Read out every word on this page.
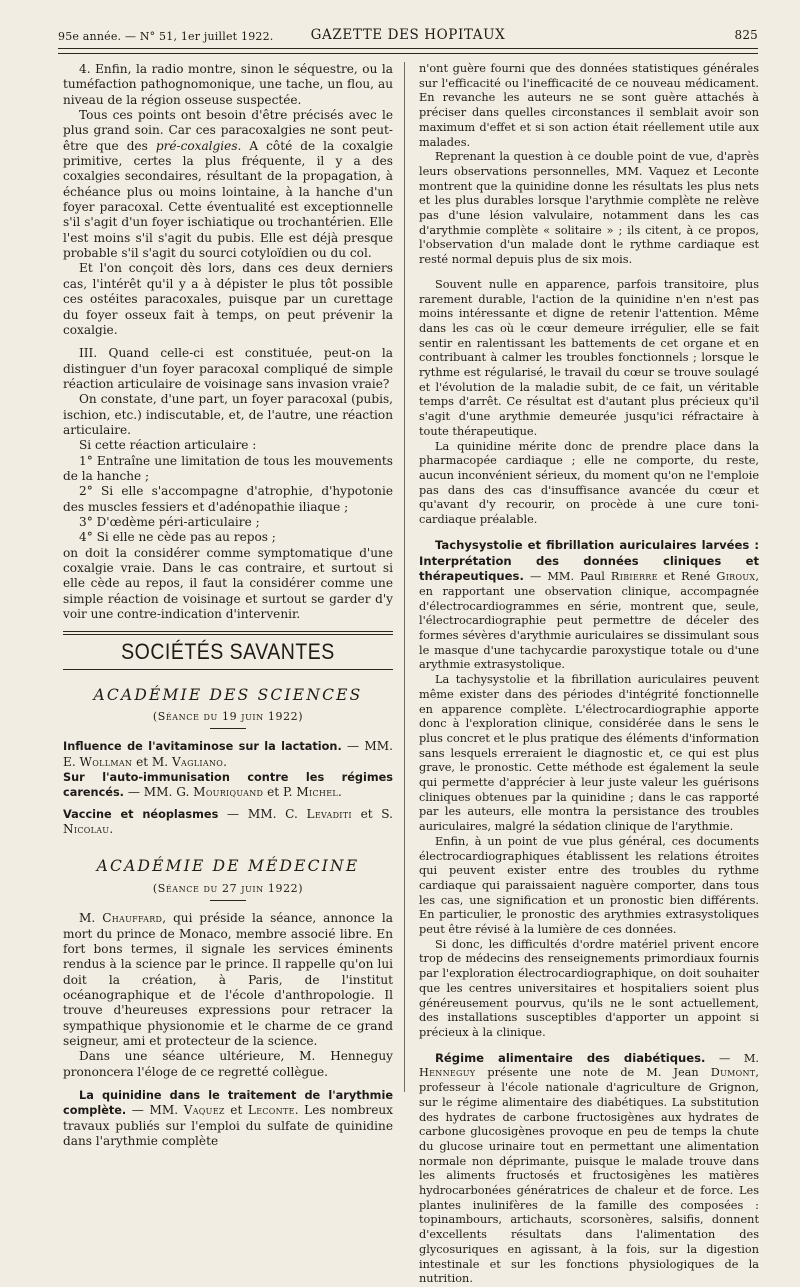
95e année. — N° 51, 1er juillet 1922.	GAZETTE DES HOPITAUX	825

4. Enfin, la radio montre, sinon le séquestre, ou la tuméfaction pathognomonique, une tache, un flou, au niveau de la région osseuse suspectée.

Tous ces points ont besoin d'être précisés avec le plus grand soin. Car ces paracoxalgies ne sont peut-être que des pré-coxalgies. A côté de la coxalgie primitive, certes la plus fréquente, il y a des coxalgies secondaires, résultant de la propagation, à échéance plus ou moins lointaine, à la hanche d'un foyer paracoxal. Cette éventualité est exceptionnelle s'il s'agit d'un foyer ischiatique ou trochantérien. Elle l'est moins s'il s'agit du pubis. Elle est déjà presque probable s'il s'agit du sourci cotyloïdien ou du col.

Et l'on conçoit dès lors, dans ces deux derniers cas, l'intérêt qu'il y a à dépister le plus tôt possible ces ostéites paracoxales, puisque par un curettage du foyer osseux fait à temps, on peut prévenir la coxalgie.

III. Quand celle-ci est constituée, peut-on la distinguer d'un foyer paracoxal compliqué de simple réaction articulaire de voisinage sans invasion vraie?

On constate, d'une part, un foyer paracoxal (pubis, ischion, etc.) indiscutable, et, de l'autre, une réaction articulaire.

Si cette réaction articulaire :

1° Entraîne une limitation de tous les mouvements de la hanche ;

2° Si elle s'accompagne d'atrophie, d'hypotonie des muscles fessiers et d'adénopathie iliaque ;

3° D'œdème péri-articulaire ;

4° Si elle ne cède pas au repos ;

on doit la considérer comme symptomatique d'une coxalgie vraie. Dans le cas contraire, et surtout si elle cède au repos, il faut la considérer comme une simple réaction de voisinage et surtout se garder d'y voir une contre-indication d'intervenir.

SOCIÉTÉS SAVANTES
ACADÉMIE DES SCIENCES
(Séance du 19 juin 1922)

Influence de l'avitaminose sur la lactation. — MM. E. Wollman et M. Vagliano.

Sur l'auto-immunisation contre les régimes carencés. — MM. G. Mouriquand et P. Michel.

Vaccine et néoplasmes — MM. C. Levaditi et S. Nicolau.

ACADÉMIE DE MÉDECINE
(Séance du 27 juin 1922)

M. Chauffard, qui préside la séance, annonce la mort du prince de Monaco, membre associé libre. En fort bons termes, il signale les services éminents rendus à la science par le prince. Il rappelle qu'on lui doit la création, à Paris, de l'institut océanographique et de l'école d'anthropologie. Il trouve d'heureuses expressions pour retracer la sympathique physionomie et le charme de ce grand seigneur, ami et protecteur de la science.

Dans une séance ultérieure, M. Henneguy prononcera l'éloge de ce regretté collègue.

La quinidine dans le traitement de l'arythmie complète. — MM. Vaquez et Leconte. Les nombreux travaux publiés sur l'emploi du sulfate de quinidine dans l'arythmie complète

n'ont guère fourni que des données statistiques générales sur l'efficacité ou l'inefficacité de ce nouveau médicament. En revanche les auteurs ne se sont guère attachés à préciser dans quelles circonstances il semblait avoir son maximum d'effet et si son action était réellement utile aux malades.

Reprenant la question à ce double point de vue, d'après leurs observations personnelles, MM. Vaquez et Leconte montrent que la quinidine donne les résultats les plus nets et les plus durables lorsque l'arythmie complète ne relève pas d'une lésion valvulaire, notamment dans les cas d'arythmie complète « solitaire » ; ils citent, à ce propos, l'observation d'un malade dont le rythme cardiaque est resté normal depuis plus de six mois.

Souvent nulle en apparence, parfois transitoire, plus rarement durable, l'action de la quinidine n'en n'est pas moins intéressante et digne de retenir l'attention. Même dans les cas où le cœur demeure irrégulier, elle se fait sentir en ralentissant les battements de cet organe et en contribuant à calmer les troubles fonctionnels ; lorsque le rythme est régularisé, le travail du cœur se trouve soulagé et l'évolution de la maladie subit, de ce fait, un véritable temps d'arrêt. Ce résultat est d'autant plus précieux qu'il s'agit d'une arythmie demeurée jusqu'ici réfractaire à toute thérapeutique.

La quinidine mérite donc de prendre place dans la pharmacopée cardiaque ; elle ne comporte, du reste, aucun inconvénient sérieux, du moment qu'on ne l'emploie pas dans des cas d'insuffisance avancée du cœur et qu'avant d'y recourir, on procède à une cure toni-cardiaque préalable.

Tachysystolie et fibrillation auriculaires larvées : Interprétation des données cliniques et thérapeutiques. — MM. Paul Ribierre et René Giroux, en rapportant une observation clinique, accompagnée d'électrocardiogrammes en série, montrent que, seule, l'électrocardiographie peut permettre de déceler des formes sévères d'arythmie auriculaires se dissimulant sous le masque d'une tachycardie paroxystique totale ou d'une arythmie extrasystolique.

La tachysystolie et la fibrillation auriculaires peuvent même exister dans des périodes d'intégrité fonctionnelle en apparence complète. L'électrocardiographie apporte donc à l'exploration clinique, considérée dans le sens le plus concret et le plus pratique des éléments d'information sans lesquels erreraient le diagnostic et, ce qui est plus grave, le pronostic. Cette méthode est également la seule qui permette d'apprécier à leur juste valeur les guérisons cliniques obtenues par la quinidine ; dans le cas rapporté par les auteurs, elle montra la persistance des troubles auriculaires, malgré la sédation clinique de l'arythmie.

Enfin, à un point de vue plus général, ces documents électrocardiographiques établissent les relations étroites qui peuvent exister entre des troubles du rythme cardiaque qui paraissaient naguère comporter, dans tous les cas, une signification et un pronostic bien différents. En particulier, le pronostic des arythmies extrasystoliques peut être révisé à la lumière de ces données.

Si donc, les difficultés d'ordre matériel privent encore trop de médecins des renseignements primordiaux fournis par l'exploration électrocardiographique, on doit souhaiter que les centres universitaires et hospitaliers soient plus généreusement pourvus, qu'ils ne le sont actuellement, des installations susceptibles d'apporter un appoint si précieux à la clinique.

Régime alimentaire des diabétiques. — M. Henneguy présente une note de M. Jean Dumont, professeur à l'école nationale d'agriculture de Grignon, sur le régime alimentaire des diabétiques. La substitution des hydrates de carbone fructosigènes aux hydrates de carbone glucosigènes provoque en peu de temps la chute du glucose urinaire tout en permettant une alimentation normale non déprimante, puisque le malade trouve dans les aliments fructosés et fructosigènes les matières hydrocarbonées génératrices de chaleur et de force. Les plantes inulinifères de la famille des composées : topinambours, artichauts, scorsonères, salsifis, donnent d'excellents résultats dans l'alimentation des glycosuriques en agissant, à la fois, sur la digestion intestinale et sur les fonctions physiologiques de la nutrition.
